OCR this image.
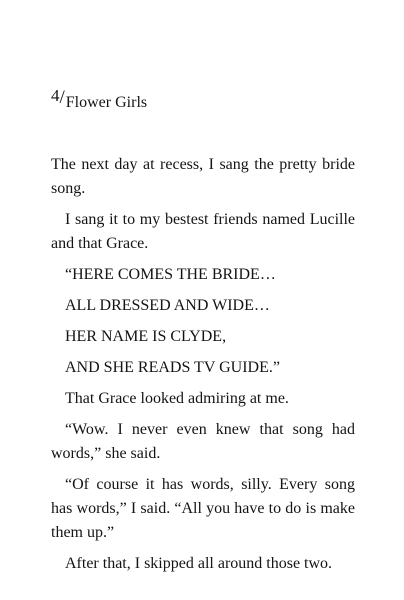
4/Flower Girls

The next day at recess, I sang the pretty bride song.

I sang it to my bestest friends named Lucille and that Grace.

“HERE COMES THE BRIDE…

ALL DRESSED AND WIDE…

HER NAME IS CLYDE,

AND SHE READS TV GUIDE.”

That Grace looked admiring at me.

“Wow. I never even knew that song had words,” she said.

“Of course it has words, silly. Every song has words,” I said. “All you have to do is make them up.”

After that, I skipped all around those two.
